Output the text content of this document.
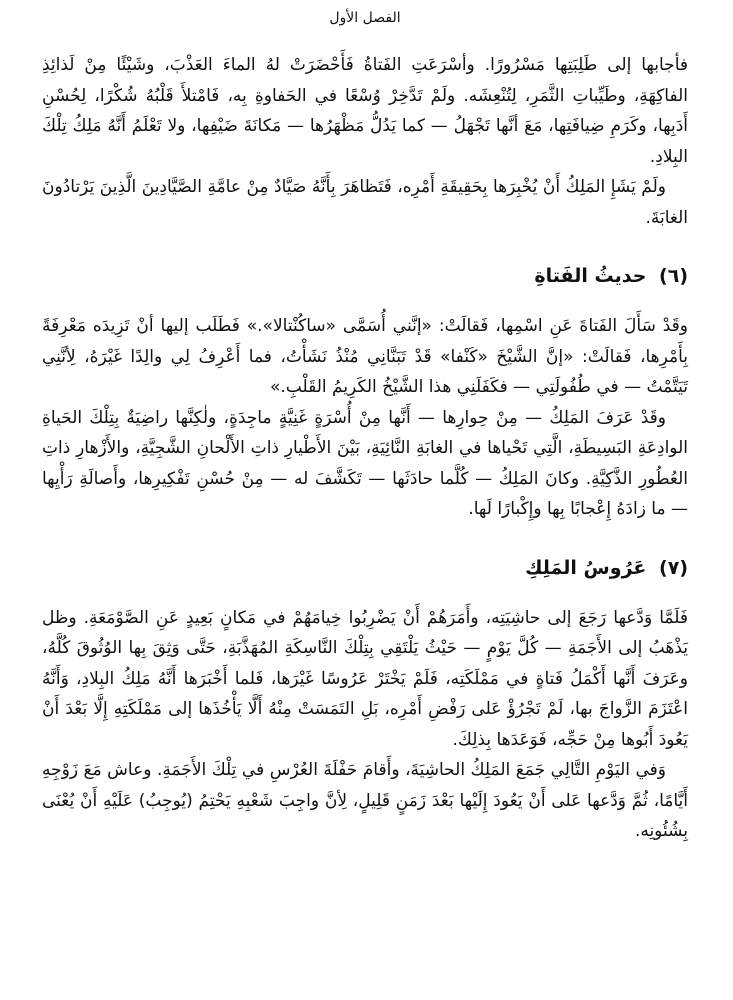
الفصل الأول

فأجابها إلى طَلِبَتِها مَسْرُورًا. وأسْرَعَتِ الفَتاةُ فَأَحْضَرَتْ لهُ الماءَ العَذْبَ، وشَيْئًا مِنْ لَذائِذِ الفاكِهَةِ، وطَيِّباتِ الثَّمَرِ، لِتُنْعِشَه. ولَمْ تَدَّخِرْ وُسْعًا في الحَفاوةِ بِه، فَامْتلأَ قَلْبُهُ شُكْرًا، لِحُسْنِ أَدَبِها، وكَرَمِ ضِيافَتِها، مَعَ أنَّها تَجْهَلُ — كما يَدُلُّ مَظْهَرُها — مَكانَةَ ضَيْفِها، ولا تَعْلَمُ أَنَّهُ مَلِكُ تِلْكَ البِلادِ.

ولَمْ يَشَإِ المَلِكُ أَنْ يُخْبِرَها بِحَقِيقَةِ أَمْرِه، فَتَظاهَرَ بِأَنَّهُ صَيَّادٌ مِنْ عامَّةِ الصَّيَّادِينَ الَّذِينَ يَرْتادُونَ الغابَةَ.

(٦) حديثُ الفَتاةِ

وقَدْ سَأَلَ الفَتاةَ عَنِ اسْمِها، فَقالَتْ: «إنَّني أُسَمَّى «ساكُنْتالا».» فَطَلَب إليها أنْ تَزِيدَه مَعْرِفَةً بِأَمْرِها، فَقالَتْ: «إنَّ الشَّيْخَ «كَنْفا» قَدْ تَبَنَّانِي مُنْذُ نَشَأْتُ، فما أَعْرِفُ لِي والِدًا غَيْرَهُ، لِأنَّنِي تَيَتَّمْتُ — في طُفُولَتِي — فكَفَلَنِي هذا الشَّيْخُ الكَرِيمُ القَلْبِ.»

وقَدْ عَرَفَ المَلِكُ — مِنْ حِوارِها — أَنَّها مِنْ أُسْرَةٍ غَنِيَّةٍ ماجِدَةٍ، ولٰكِنَّها راضِيَةٌ بِتِلْكَ الحَياةِ الوادِعَةِ البَسِيطَةِ، الَّتِي تَحْياها في الغابَةِ النَّائِيَةِ، بَيْنَ الأَطْيارِ ذاتِ الأَلْحانِ الشَّجِيَّةِ، والأَزْهارِ ذاتِ العُطُورِ الذَّكِيَّةِ. وكانَ المَلِكُ — كُلَّما حادَثَها — تَكَشَّفَ له — مِنْ حُسْنِ تَفْكِيرِها، وأَصالَةِ رَأْيِها — ما زادَهُ إِعْجابًا بِها وإِكْبارًا لَها.

(٧) عَرُوسُ المَلِكِ

فَلَمَّا وَدَّعها رَجَعَ إلى حاشِيَتِه، وأَمَرَهُمْ أَنْ يَضْرِبُوا خِيامَهُمْ في مَكانٍ بَعِيدٍ عَنِ الصَّوْمَعَةِ. وظل يَذْهَبُ إلى الأَجَمَةِ — كُلَّ يَوْمٍ — حَيْثُ يَلْتَقِي بِتِلْكَ النَّاسِكَةِ المُهَذَّبَةِ، حَتَّى وَثِقَ بِها الوُثُوقَ كُلَّهُ، وعَرَفَ أَنَّها أَكْمَلُ فَتاةٍ في مَمْلَكَتِه، فَلَمْ يَخْتَرْ عَرُوسًا غَيْرَها، فَلما أَخْبَرَها أَنَّهُ مَلِكُ البِلادِ، وَأَنَّهُ اعْتَزَمَ الزَّواجَ بها، لَمْ تَجْرُؤْ عَلى رَفْضِ أَمْرِه، بَلِ التَمَسَتْ مِنْهُ أَلَّا يَأْخُذَها إلى مَمْلَكَتِهِ إِلَّا بَعْدَ أَنْ يَعُودَ أَبُوها مِنْ حَجِّه، فَوَعَدَها بِذلِكَ.

وَفي اليَوْمِ التَّالِي جَمَعَ المَلِكُ الحاشِيَةَ، وأَقامَ حَفْلَةَ العُرْسِ في تِلْكَ الأَجَمَةِ. وعاش مَعَ زَوْجِهِ أَيَّامًا، ثُمَّ وَدَّعها عَلى أَنْ يَعُودَ إِلَيْها بَعْدَ زَمَنٍ قَلِيلٍ، لِأنَّ واجِبَ شَعْبِهِ يَحْتِمُ (يُوجِبُ) عَلَيْهِ أَنْ يُعْنَى بِشُئُونِه.
